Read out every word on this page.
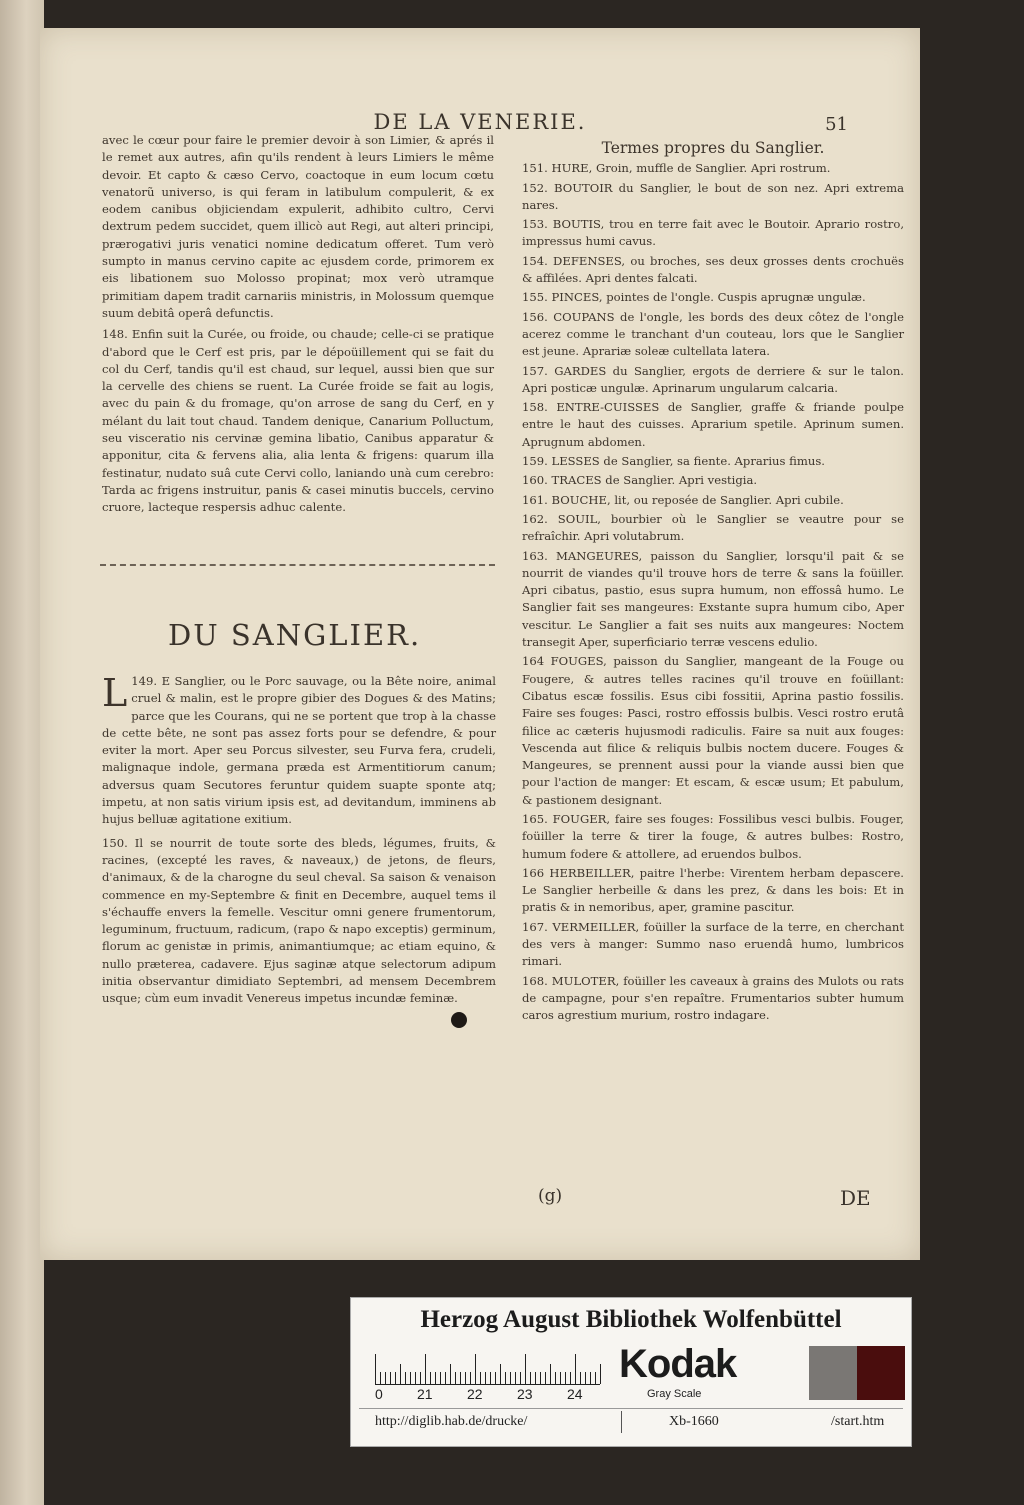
DE LA VENERIE.	51

avec le cœur pour faire le premier devoir à son Limier, & aprés il le remet aux autres, afin qu'ils rendent à leurs Limiers le même devoir. Et capto & cæso Cervo, coactoque in eum locum cœtu venatorũ universo, is qui feram in latibulum compulerit, & ex eodem canibus objiciendam expulerit, adhibito cultro, Cervi dextrum pedem succidet, quem illicò aut Regi, aut alteri principi, prærogativi juris venatici nomine dedicatum offeret. Tum verò sumpto in manus cervino capite ac ejusdem corde, primorem ex eis libationem suo Molosso propinat; mox verò utramque primitiam dapem tradit carnariis ministris, in Molossum quemque suum debitâ operâ defunctis.

148. Enfin suit la Curée, ou froide, ou chaude; celle-ci se pratique d'abord que le Cerf est pris, par le dépoüillement qui se fait du col du Cerf, tandis qu'il est chaud, sur lequel, aussi bien que sur la cervelle des chiens se ruent. La Curée froide se fait au logis, avec du pain & du fromage, qu'on arrose de sang du Cerf, en y mélant du lait tout chaud. Tandem denique, Canarium Polluctum, seu visceratio nis cervinæ gemina libatio, Canibus apparatur & apponitur, cita & fervens alia, alia lenta & frigens: quarum illa festinatur, nudato suâ cute Cervi collo, laniando unà cum cerebro: Tarda ac frigens instruitur, panis & casei minutis buccels, cervino cruore, lacteque respersis adhuc calente.

DU SANGLIER.

149.
L	E Sanglier, ou le Porc sauvage, ou la Bête noire, animal cruel & malin, est le propre gibier des Dogues & des Matins; parce que les Courans, qui ne se portent que trop à la chasse de cette bête, ne sont pas assez forts pour se defendre, & pour eviter la mort. Aper seu Porcus silvester, seu Furva fera, crudeli, malignaque indole, germana præda est Armentitiorum canum; adversus quam Secutores feruntur quidem suapte sponte atq; impetu, at non satis virium ipsis est, ad devitandum, imminens ab hujus belluæ agitatione exitium.

150. Il se nourrit de toute sorte des bleds, légumes, fruits, & racines, (excepté les raves, & naveaux,) de jetons, de fleurs, d'animaux, & de la charogne du seul cheval. Sa saison & venaison commence en my-Septembre & finit en Decembre, auquel tems il s'échauffe envers la femelle. Vescitur omni genere frumentorum, leguminum, fructuum, radicum, (rapo & napo exceptis) germinum, florum ac genistæ in primis, animantiumque; ac etiam equino, & nullo præterea, cadavere. Ejus saginæ atque selectorum adipum initia observantur dimidiato Septembri, ad mensem Decembrem usque; cùm eum invadit Venereus impetus incundæ feminæ.

Termes propres du Sanglier.

151. HURE, Groin, muffle de Sanglier. Apri rostrum.

152. BOUTOIR du Sanglier, le bout de son nez. Apri extrema nares.

153. BOUTIS, trou en terre fait avec le Boutoir. Aprario rostro, impressus humi cavus.

154. DEFENSES, ou broches, ses deux grosses dents crochuës & affilées. Apri dentes falcati.

155. PINCES, pointes de l'ongle. Cuspis aprugnæ ungulæ.

156. COUPANS de l'ongle, les bords des deux côtez de l'ongle acerez comme le tranchant d'un couteau, lors que le Sanglier est jeune. Aprariæ soleæ cultellata latera.

157. GARDES du Sanglier, ergots de derriere & sur le talon. Apri posticæ ungulæ. Aprinarum ungularum calcaria.

158. ENTRE-CUISSES de Sanglier, graffe & friande poulpe entre le haut des cuisses. Aprarium spetile. Aprinum sumen. Aprugnum abdomen.

159. LESSES de Sanglier, sa fiente. Aprarius fimus.

160. TRACES de Sanglier. Apri vestigia.

161. BOUCHE, lit, ou reposée de Sanglier. Apri cubile.

162. SOUIL, bourbier où le Sanglier se veautre pour se refraîchir. Apri volutabrum.

163. MANGEURES, paisson du Sanglier, lorsqu'il pait & se nourrit de viandes qu'il trouve hors de terre & sans la foüiller. Apri cibatus, pastio, esus supra humum, non effossâ humo. Le Sanglier fait ses mangeures: Exstante supra humum cibo, Aper vescitur. Le Sanglier a fait ses nuits aux mangeures: Noctem transegit Aper, superficiario terræ vescens edulio.

164 FOUGES, paisson du Sanglier, mangeant de la Fouge ou Fougere, & autres telles racines qu'il trouve en foüillant: Cibatus escæ fossilis. Esus cibi fossitii, Aprina pastio fossilis. Faire ses fouges: Pasci, rostro effossis bulbis. Vesci rostro erutâ filice ac cæteris hujusmodi radiculis. Faire sa nuit aux fouges: Vescenda aut filice & reliquis bulbis noctem ducere. Fouges & Mangeures, se prennent aussi pour la viande aussi bien que pour l'action de manger: Et escam, & escæ usum; Et pabulum, & pastionem designant.

165. FOUGER, faire ses fouges: Fossilibus vesci bulbis. Fouger, foüiller la terre & tirer la fouge, & autres bulbes: Rostro, humum fodere & attollere, ad eruendos bulbos.

166 HERBEILLER, paitre l'herbe: Virentem herbam depascere. Le Sanglier herbeille & dans les prez, & dans les bois: Et in pratis & in nemoribus, aper, gramine pascitur.

167. VERMEILLER, foüiller la surface de la terre, en cherchant des vers à manger: Summo naso eruendâ humo, lumbricos rimari.

168. MULOTER, foüiller les caveaux à grains des Mulots ou rats de campagne, pour s'en repaître. Frumentarios subter humum caros agrestium murium, rostro indagare.

(g)	DE
Herzog August Bibliothek Wolfenbüttel
0 21 22 23 24
Kodak
Gray Scale
http://diglib.hab.de/drucke/	Xb-1660	/start.htm
